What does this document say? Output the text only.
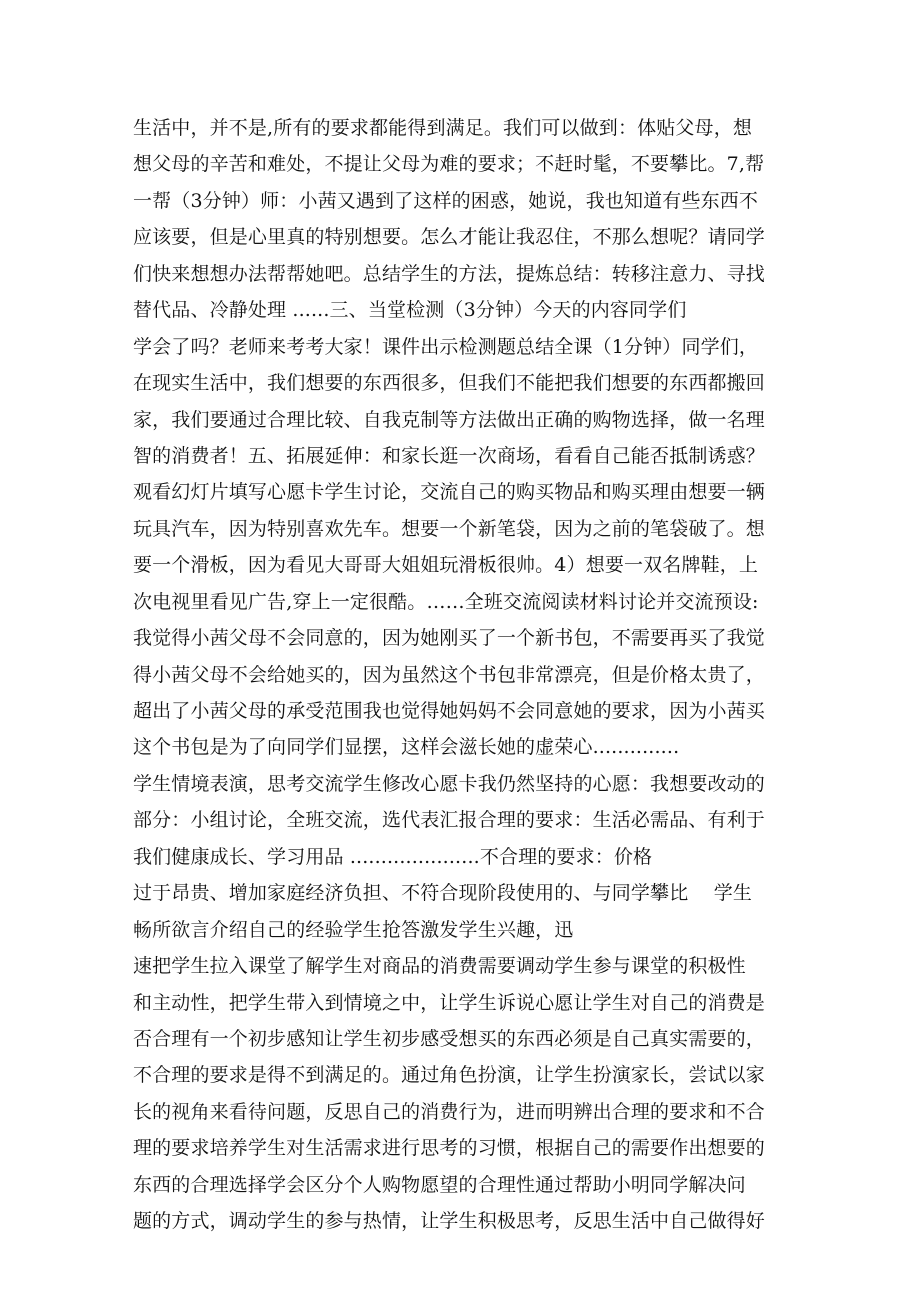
生活中，并不是,所有的要求都能得到满足。我们可以做到：体贴父母，想
想父母的辛苦和难处，不提让父母为难的要求；不赶时髦，不要攀比。7,帮
一帮（3分钟）师：小茜又遇到了这样的困惑，她说，我也知道有些东西不
应该要，但是心里真的特别想要。怎么才能让我忍住，不那么想呢？请同学
们快来想想办法帮帮她吧。总结学生的方法，提炼总结：转移注意力、寻找
替代品、冷静处理 ......三、当堂检测（3分钟）今天的内容同学们
学会了吗？老师来考考大家！课件出示检测题总结全课（1分钟）同学们，
在现实生活中，我们想要的东西很多，但我们不能把我们想要的东西都搬回
家，我们要通过合理比较、自我克制等方法做出正确的购物选择，做一名理
智的消费者！五、拓展延伸：和家长逛一次商场，看看自己能否抵制诱惑？
观看幻灯片填写心愿卡学生讨论，交流自己的购买物品和购买理由想要一辆
玩具汽车，因为特别喜欢先车。想要一个新笔袋，因为之前的笔袋破了。想
要一个滑板，因为看见大哥哥大姐姐玩滑板很帅。4）想要一双名牌鞋，上
次电视里看见广告,穿上一定很酷。……全班交流阅读材料讨论并交流预设:
我觉得小茜父母不会同意的，因为她刚买了一个新书包，不需要再买了我觉
得小茜父母不会给她买的，因为虽然这个书包非常漂亮，但是价格太贵了，
超出了小茜父母的承受范围我也觉得她妈妈不会同意她的要求，因为小茜买
这个书包是为了向同学们显摆，这样会滋长她的虚荣心..............
学生情境表演，思考交流学生修改心愿卡我仍然坚持的心愿：我想要改动的
部分：小组讨论，全班交流，选代表汇报合理的要求：生活必需品、有利于
我们健康成长、学习用品 .....................不合理的要求：价格
过于昂贵、增加家庭经济负担、不符合现阶段使用的、与同学攀比　 学生
畅所欲言介绍自己的经验学生抢答激发学生兴趣，迅
速把学生拉入课堂了解学生对商品的消费需要调动学生参与课堂的积极性
和主动性，把学生带入到情境之中，让学生诉说心愿让学生对自己的消费是
否合理有一个初步感知让学生初步感受想买的东西必须是自己真实需要的，
不合理的要求是得不到满足的。通过角色扮演，让学生扮演家长，尝试以家
长的视角来看待问题，反思自己的消费行为，进而明辨出合理的要求和不合
理的要求培养学生对生活需求进行思考的习惯，根据自己的需要作出想要的
东西的合理选择学会区分个人购物愿望的合理性通过帮助小明同学解决问
题的方式，调动学生的参与热情，让学生积极思考，反思生活中自己做得好
